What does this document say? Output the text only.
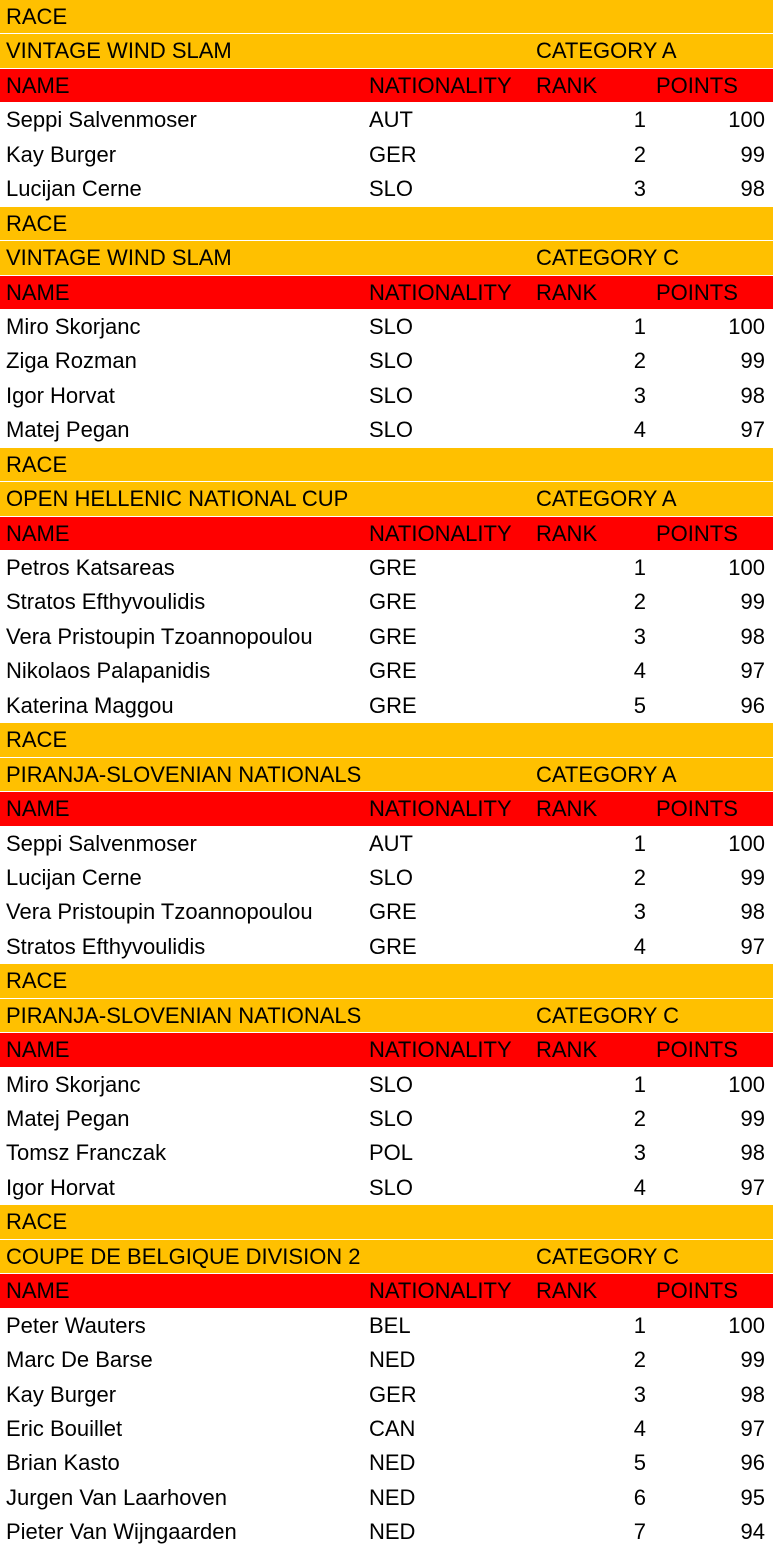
RACE
VINTAGE WIND SLAM	CATEGORY A
NAME	NATIONALITY RANK	POINTS
Seppi Salvenmoser	AUT	1	100
Kay Burger	GER	2	99
Lucijan Cerne	SLO	3	98
RACE
VINTAGE WIND SLAM	CATEGORY C
NAME	NATIONALITY RANK	POINTS
Miro Skorjanc	SLO	1	100
Ziga Rozman	SLO	2	99
Igor Horvat	SLO	3	98
Matej Pegan	SLO	4	97
RACE
OPEN HELLENIC NATIONAL CUP	CATEGORY A
NAME	NATIONALITY RANK	POINTS
Petros Katsareas	GRE	1	100
Stratos Efthyvoulidis	GRE	2	99
Vera Pristoupin Tzoannopoulou	GRE	3	98
Nikolaos Palapanidis	GRE	4	97
Katerina Maggou	GRE	5	96
RACE
PIRANJA-SLOVENIAN NATIONALS	CATEGORY A
NAME	NATIONALITY RANK	POINTS
Seppi Salvenmoser	AUT	1	100
Lucijan Cerne	SLO	2	99
Vera Pristoupin Tzoannopoulou	GRE	3	98
Stratos Efthyvoulidis	GRE	4	97
RACE
PIRANJA-SLOVENIAN NATIONALS	CATEGORY C
NAME	NATIONALITY RANK	POINTS
Miro Skorjanc	SLO	1	100
Matej Pegan	SLO	2	99
Tomsz Franczak	POL	3	98
Igor Horvat	SLO	4	97
RACE
COUPE DE BELGIQUE DIVISION 2	CATEGORY C
NAME	NATIONALITY RANK	POINTS
Peter Wauters	BEL	1	100
Marc De Barse	NED	2	99
Kay Burger	GER	3	98
Eric Bouillet	CAN	4	97
Brian Kasto	NED	5	96
Jurgen Van Laarhoven	NED	6	95
Pieter Van Wijngaarden	NED	7	94
